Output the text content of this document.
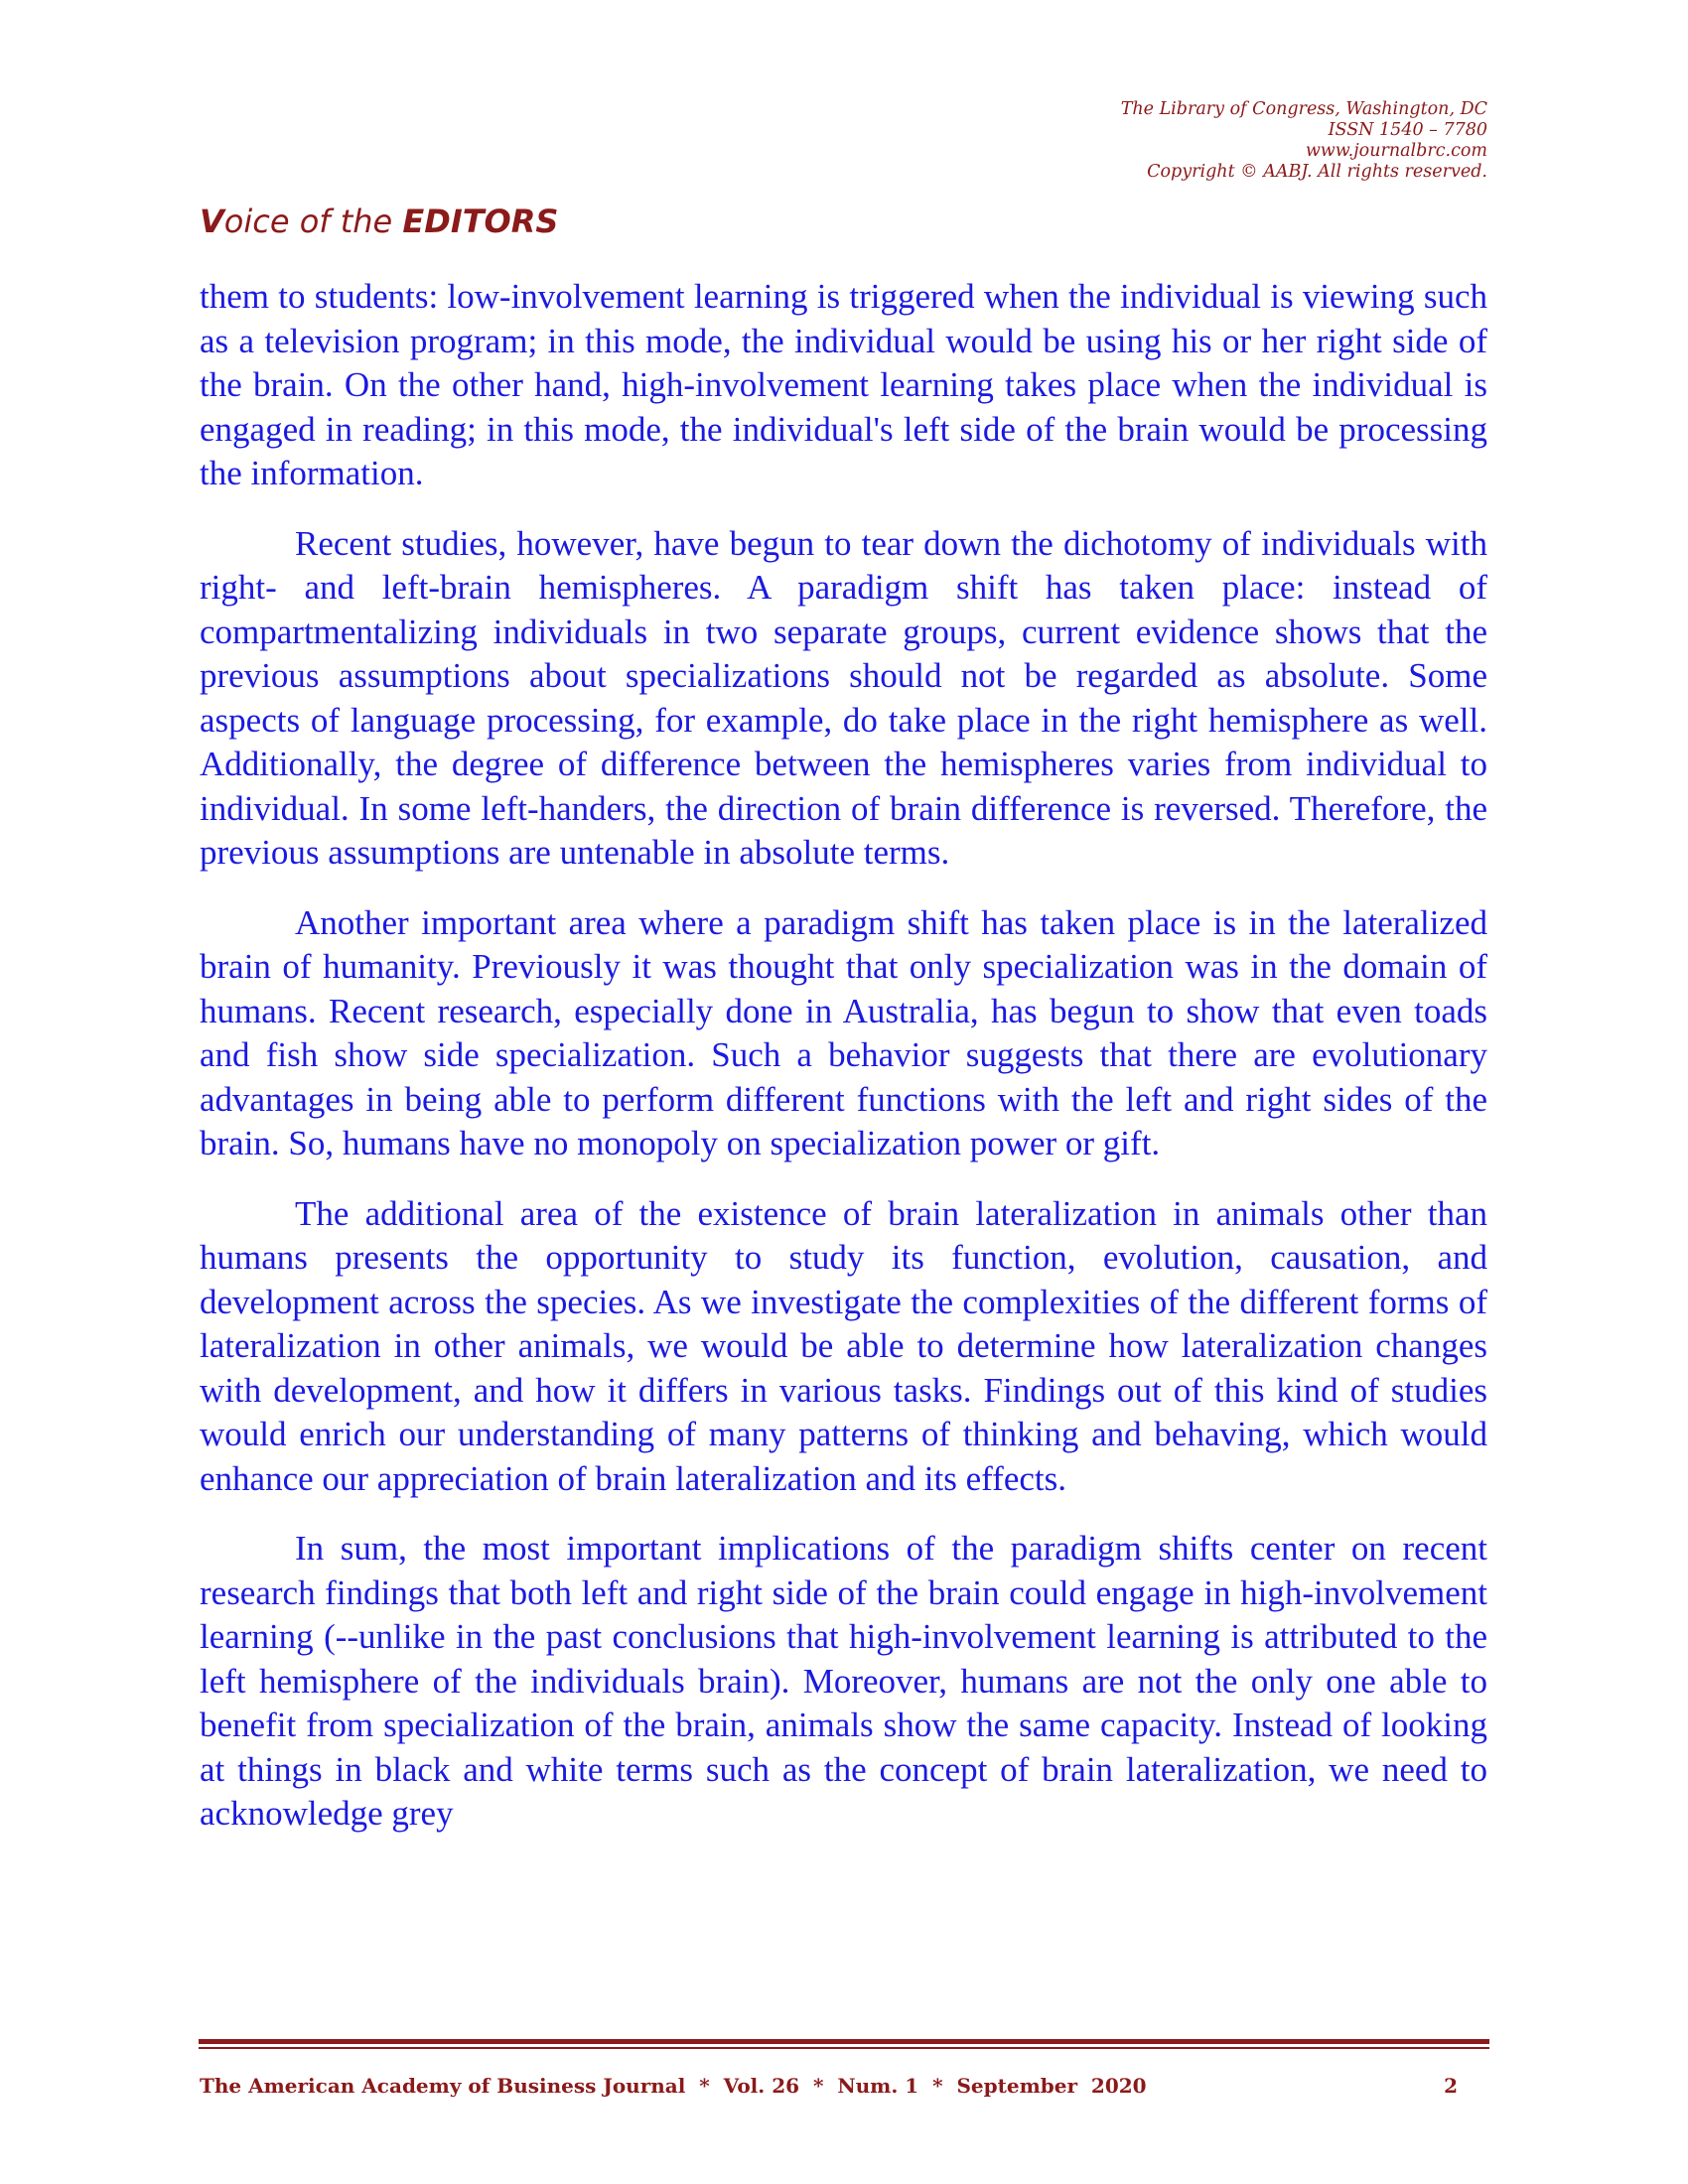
The Library of Congress, Washington, DC
ISSN 1540 – 7780
www.journalbrc.com
Copyright © AABJ. All rights reserved.
Voice of the EDITORS

them to students: low-involvement learning is triggered when the individual is viewing such as a television program; in this mode, the individual would be using his or her right side of the brain. On the other hand, high-involvement learning takes place when the individual is engaged in reading; in this mode, the individual's left side of the brain would be processing the information.

Recent studies, however, have begun to tear down the dichotomy of individuals with right- and left-brain hemispheres. A paradigm shift has taken place: instead of compartmentalizing individuals in two separate groups, current evidence shows that the previous assumptions about specializations should not be regarded as absolute. Some aspects of language processing, for example, do take place in the right hemisphere as well. Additionally, the degree of difference between the hemispheres varies from individual to individual. In some left-handers, the direction of brain difference is reversed. Therefore, the previous assumptions are untenable in absolute terms.

Another important area where a paradigm shift has taken place is in the lateralized brain of humanity. Previously it was thought that only specialization was in the domain of humans. Recent research, especially done in Australia, has begun to show that even toads and fish show side specialization. Such a behavior suggests that there are evolutionary advantages in being able to perform different functions with the left and right sides of the brain. So, humans have no monopoly on specialization power or gift.

The additional area of the existence of brain lateralization in animals other than humans presents the opportunity to study its function, evolution, causation, and development across the species. As we investigate the complexities of the different forms of lateralization in other animals, we would be able to determine how lateralization changes with development, and how it differs in various tasks. Findings out of this kind of studies would enrich our understanding of many patterns of thinking and behaving, which would enhance our appreciation of brain lateralization and its effects.

In sum, the most important implications of the paradigm shifts center on recent research findings that both left and right side of the brain could engage in high-involvement learning (--unlike in the past conclusions that high-involvement learning is attributed to the left hemisphere of the individuals brain). Moreover, humans are not the only one able to benefit from specialization of the brain, animals show the same capacity. Instead of looking at things in black and white terms such as the concept of brain lateralization, we need to acknowledge grey

The American Academy of Business Journal  *  Vol. 26  *  Num. 1  *  September  2020	2
